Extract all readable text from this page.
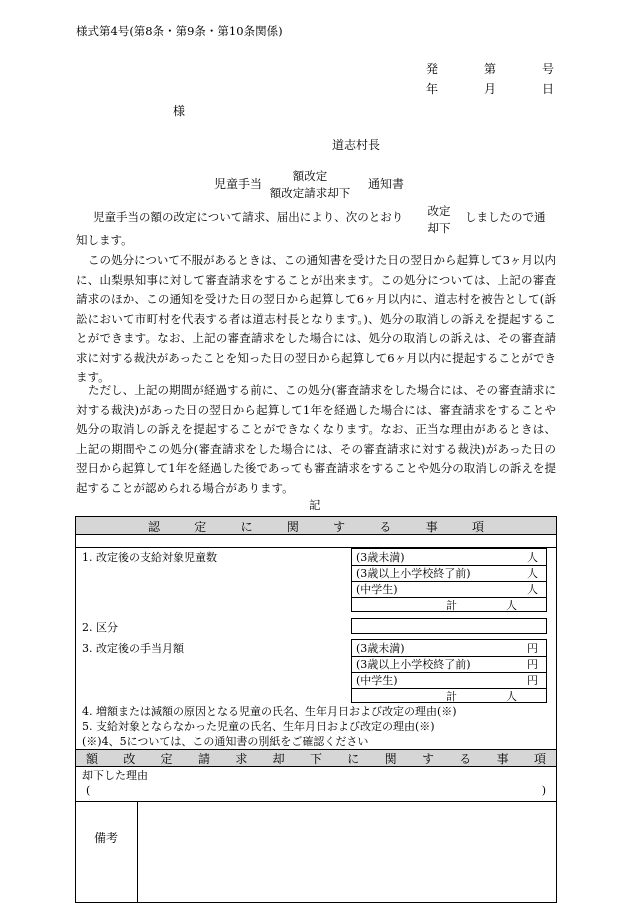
様式第4号(第8条・第9条・第10条関係)
発	第	号
年	月	日
様
道志村長
児童手当
額改定
額改定請求却下
通知書
児童手当の額の改定について請求、届出により、次のとおり	改定
却下
しましたので通
知します。
この処分について不服があるときは、この通知書を受けた日の翌日から起算して3ヶ月以内に、山梨県知事に対して審査請求をすることが出来ます。この処分については、上記の審査請求のほか、この通知を受けた日の翌日から起算して6ヶ月以内に、道志村を被告として(訴訟において市町村を代表する者は道志村長となります。)、処分の取消しの訴えを提起することができます。なお、上記の審査請求をした場合には、処分の取消しの訴えは、その審査請求に対する裁決があったことを知った日の翌日から起算して6ヶ月以内に提起することができます。
ただし、上記の期間が経過する前に、この処分(審査請求をした場合には、その審査請求に対する裁決)があった日の翌日から起算して1年を経過した場合には、審査請求をすることや処分の取消しの訴えを提起することができなくなります。なお、正当な理由があるときは、上記の期間やこの処分(審査請求をした場合には、その審査請求に対する裁決)があった日の翌日から起算して1年を経過した後であっても審査請求をすることや処分の取消しの訴えを提起することが認められる場合があります。
記
認	定	に	関	す	る	事	項
1. 改定後の支給対象児童数	(3歳未満)	人
(3歳以上小学校終了前)	人
(中学生)	人
計	人
2. 区分
3. 改定後の手当月額	(3歳未満)	円
(3歳以上小学校終了前)	円
(中学生)	円
計	人
4. 増額または減額の原因となる児童の氏名、生年月日および改定の理由(※)
5. 支給対象とならなかった児童の氏名、生年月日および改定の理由(※)
(※)4、5については、この通知書の別紙をご確認ください
額 改 定 請 求 却 下 に 関 す る 事 項
却下した理由
(	)
備考
